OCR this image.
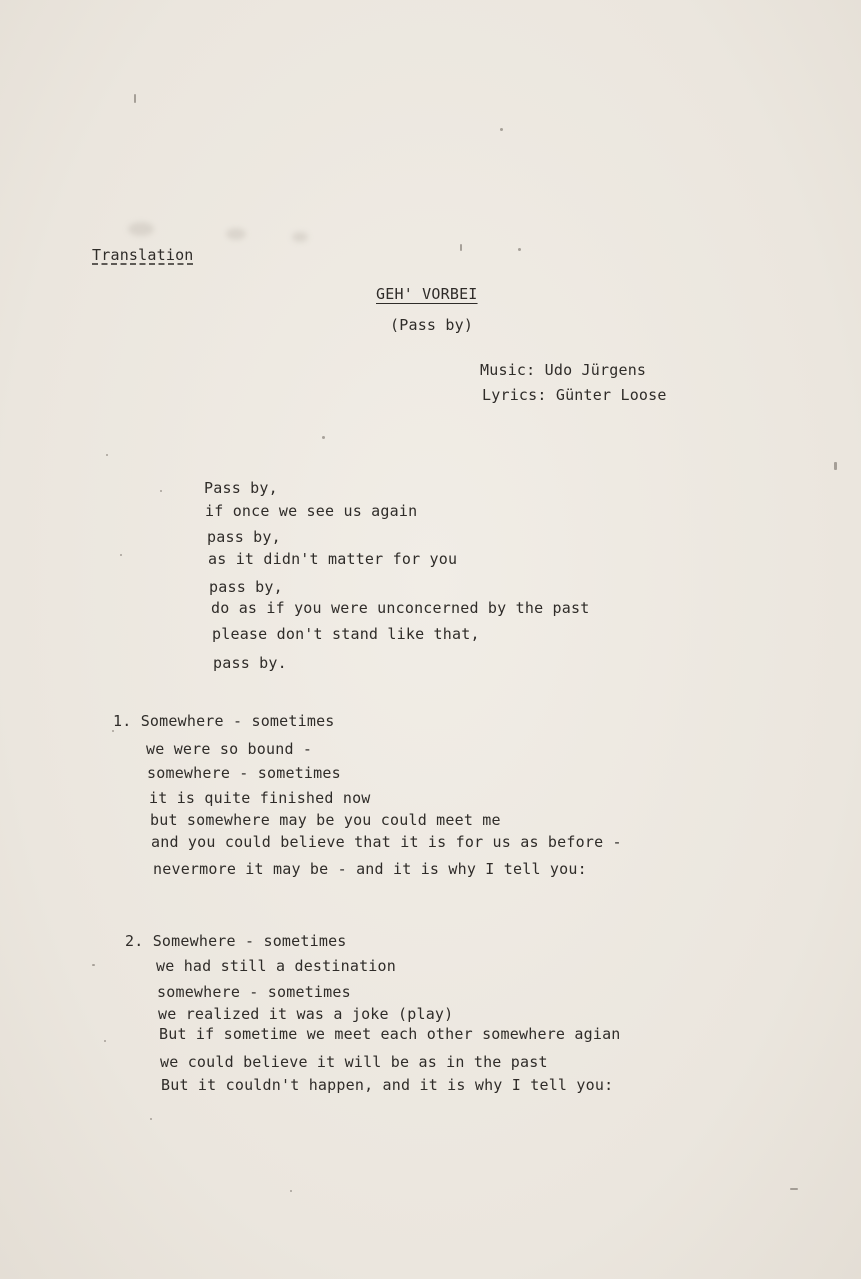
Translation
GEH' VORBEI
(Pass by)
Music: Udo Jürgens
Lyrics: Günter Loose
Pass by,
if once we see us again
pass by,
as it didn't matter for you
pass by,
do as if you were unconcerned by the past
please don't stand like that,
pass by.
1. Somewhere - sometimes
we were so bound -
somewhere - sometimes
it is quite finished now
but somewhere may be you could meet me
and you could believe that it is for us as before -
nevermore it may be - and it is why I tell you:
2. Somewhere - sometimes
we had still a destination
somewhere - sometimes
we realized it was a joke (play)
But if sometime we meet each other somewhere agian
we could believe it will be as in the past
But it couldn't happen, and it is why I tell you:
